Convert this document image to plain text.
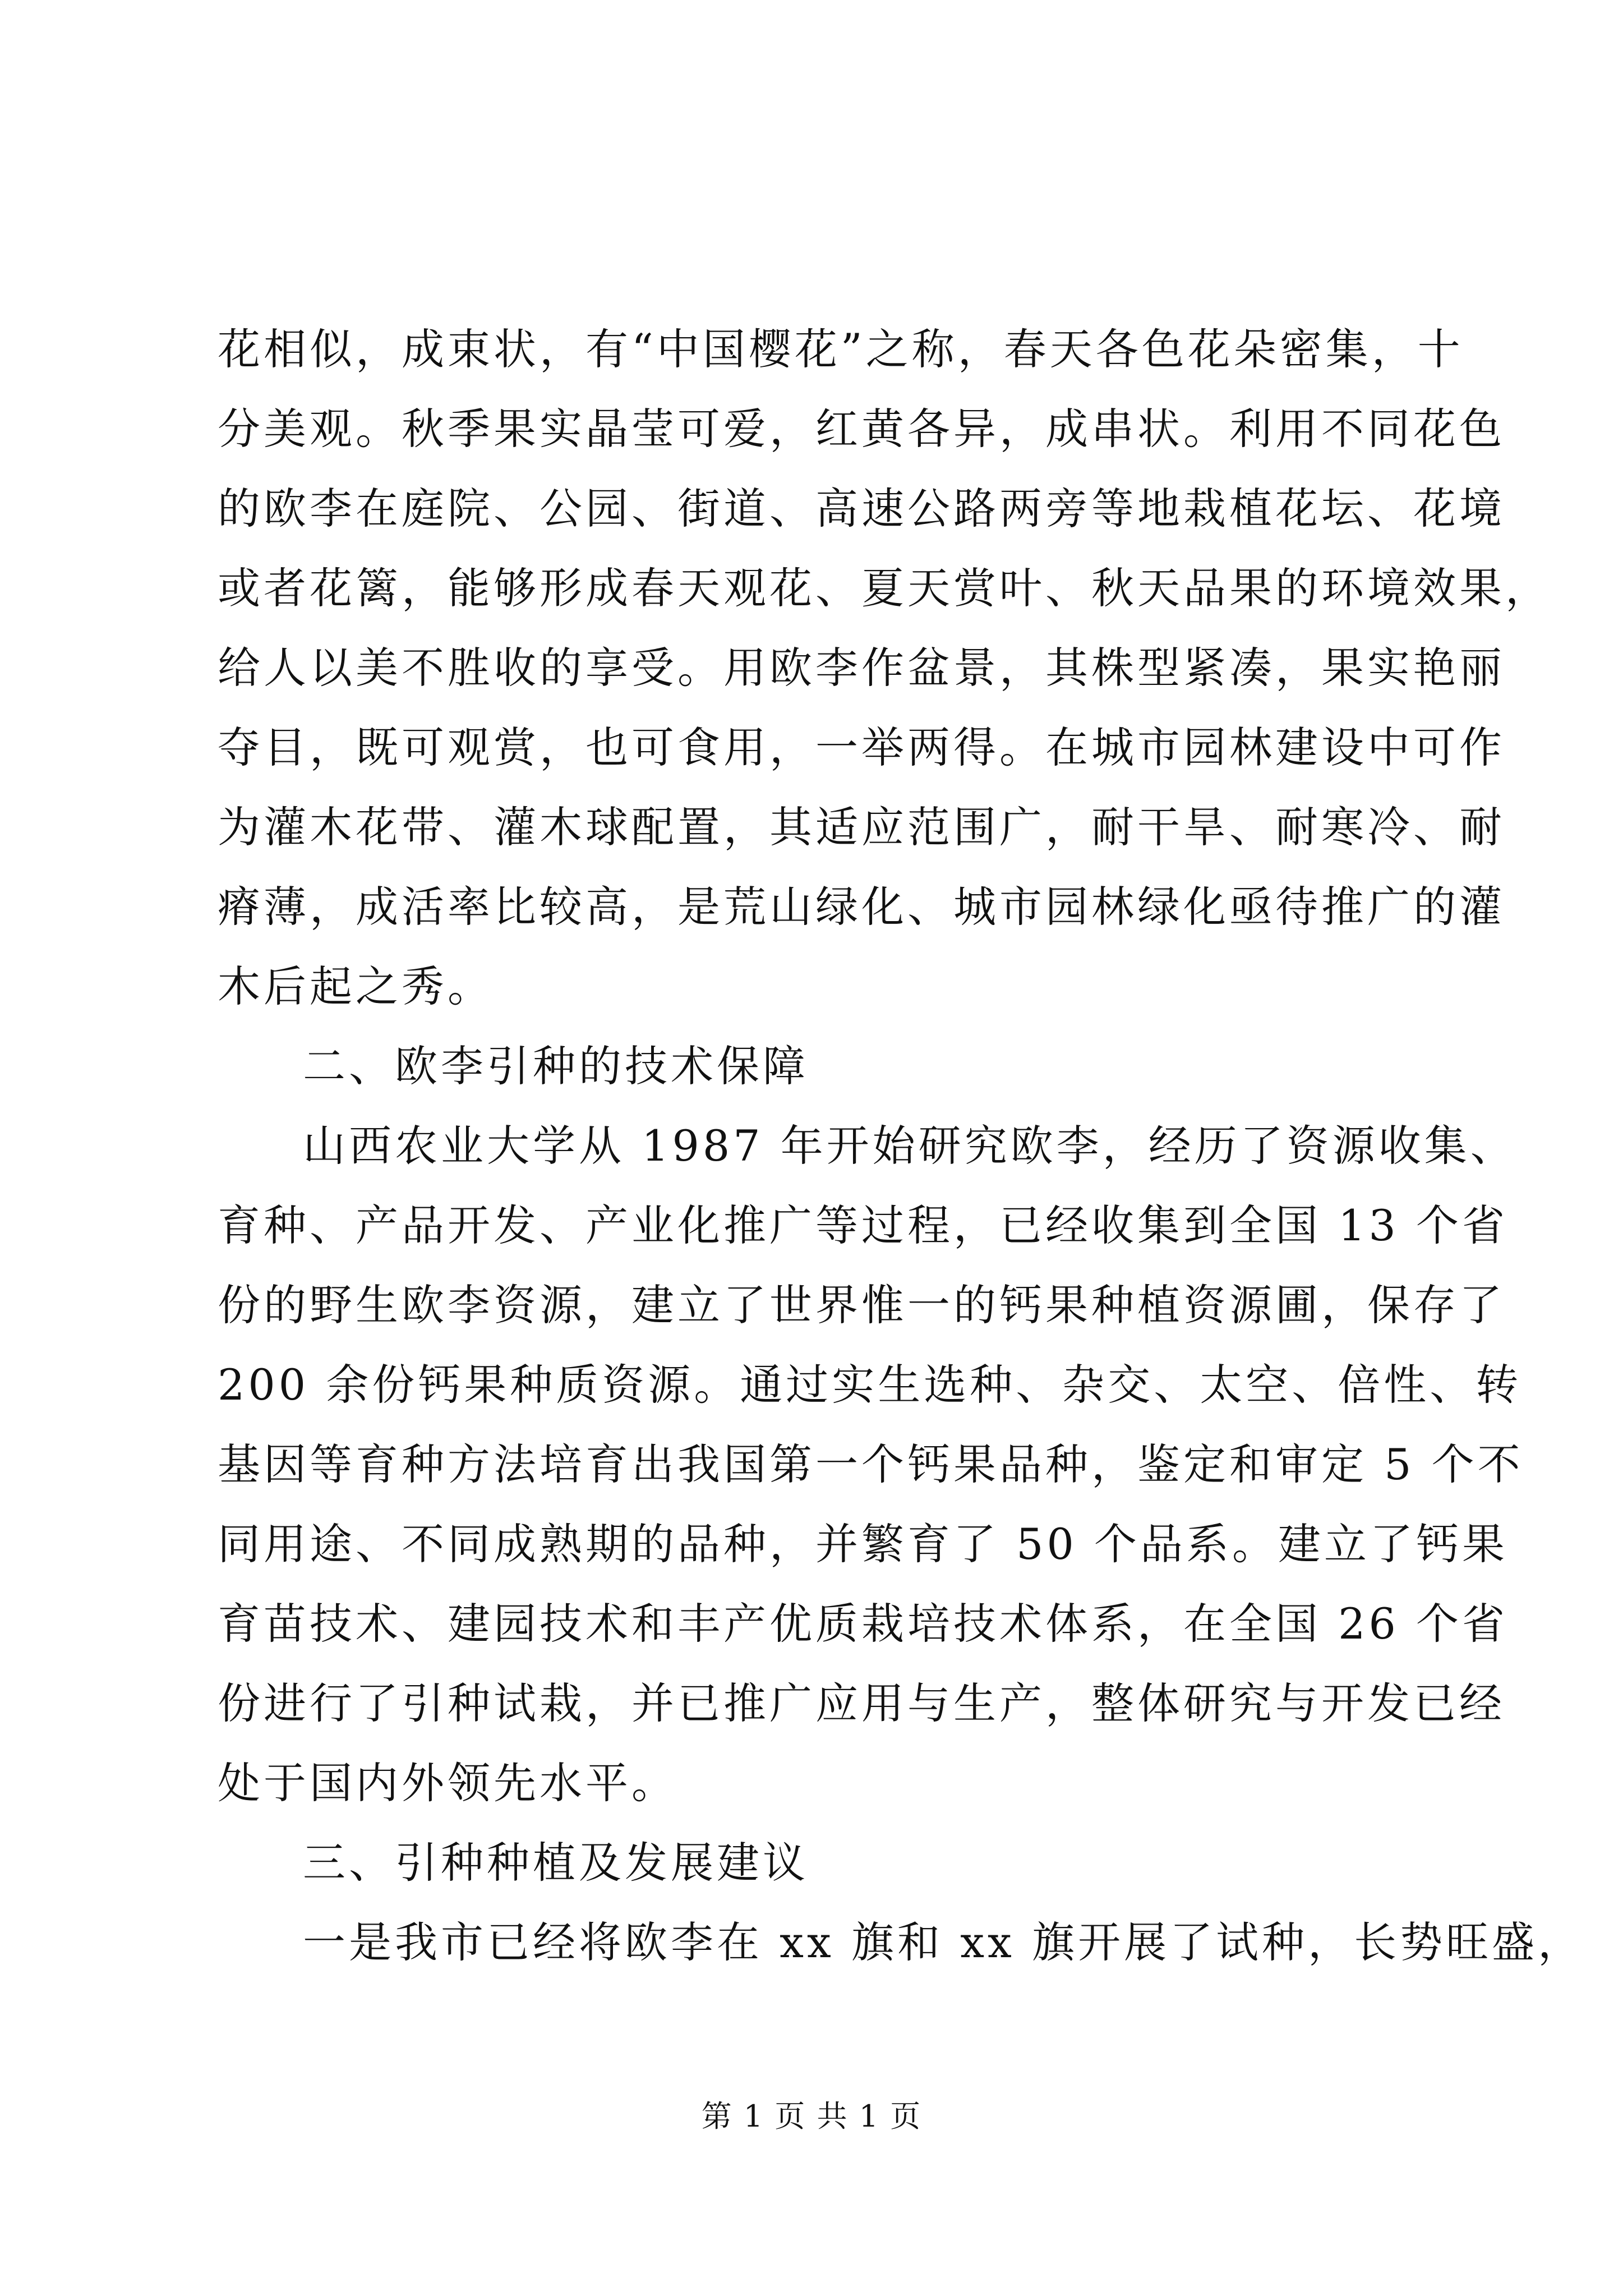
花相似，成束状，有“中国樱花”之称，春天各色花朵密集，十
分美观。秋季果实晶莹可爱，红黄各异，成串状。利用不同花色
的欧李在庭院、公园、街道、高速公路两旁等地栽植花坛、花境
或者花篱，能够形成春天观花、夏天赏叶、秋天品果的环境效果，
给人以美不胜收的享受。用欧李作盆景，其株型紧凑，果实艳丽
夺目，既可观赏，也可食用，一举两得。在城市园林建设中可作
为灌木花带、灌木球配置，其适应范围广，耐干旱、耐寒冷、耐
瘠薄，成活率比较高，是荒山绿化、城市园林绿化亟待推广的灌
木后起之秀。
二、欧李引种的技术保障
山西农业大学从 1987 年开始研究欧李，经历了资源收集、
育种、产品开发、产业化推广等过程，已经收集到全国 13 个省
份的野生欧李资源，建立了世界惟一的钙果种植资源圃，保存了
200 余份钙果种质资源。通过实生选种、杂交、太空、倍性、转
基因等育种方法培育出我国第一个钙果品种，鉴定和审定 5 个不
同用途、不同成熟期的品种，并繁育了 50 个品系。建立了钙果
育苗技术、建园技术和丰产优质栽培技术体系，在全国 26 个省
份进行了引种试栽，并已推广应用与生产，整体研究与开发已经
处于国内外领先水平。
三、引种种植及发展建议
一是我市已经将欧李在 xx 旗和 xx 旗开展了试种，长势旺盛，
第 1 页 共 1 页
